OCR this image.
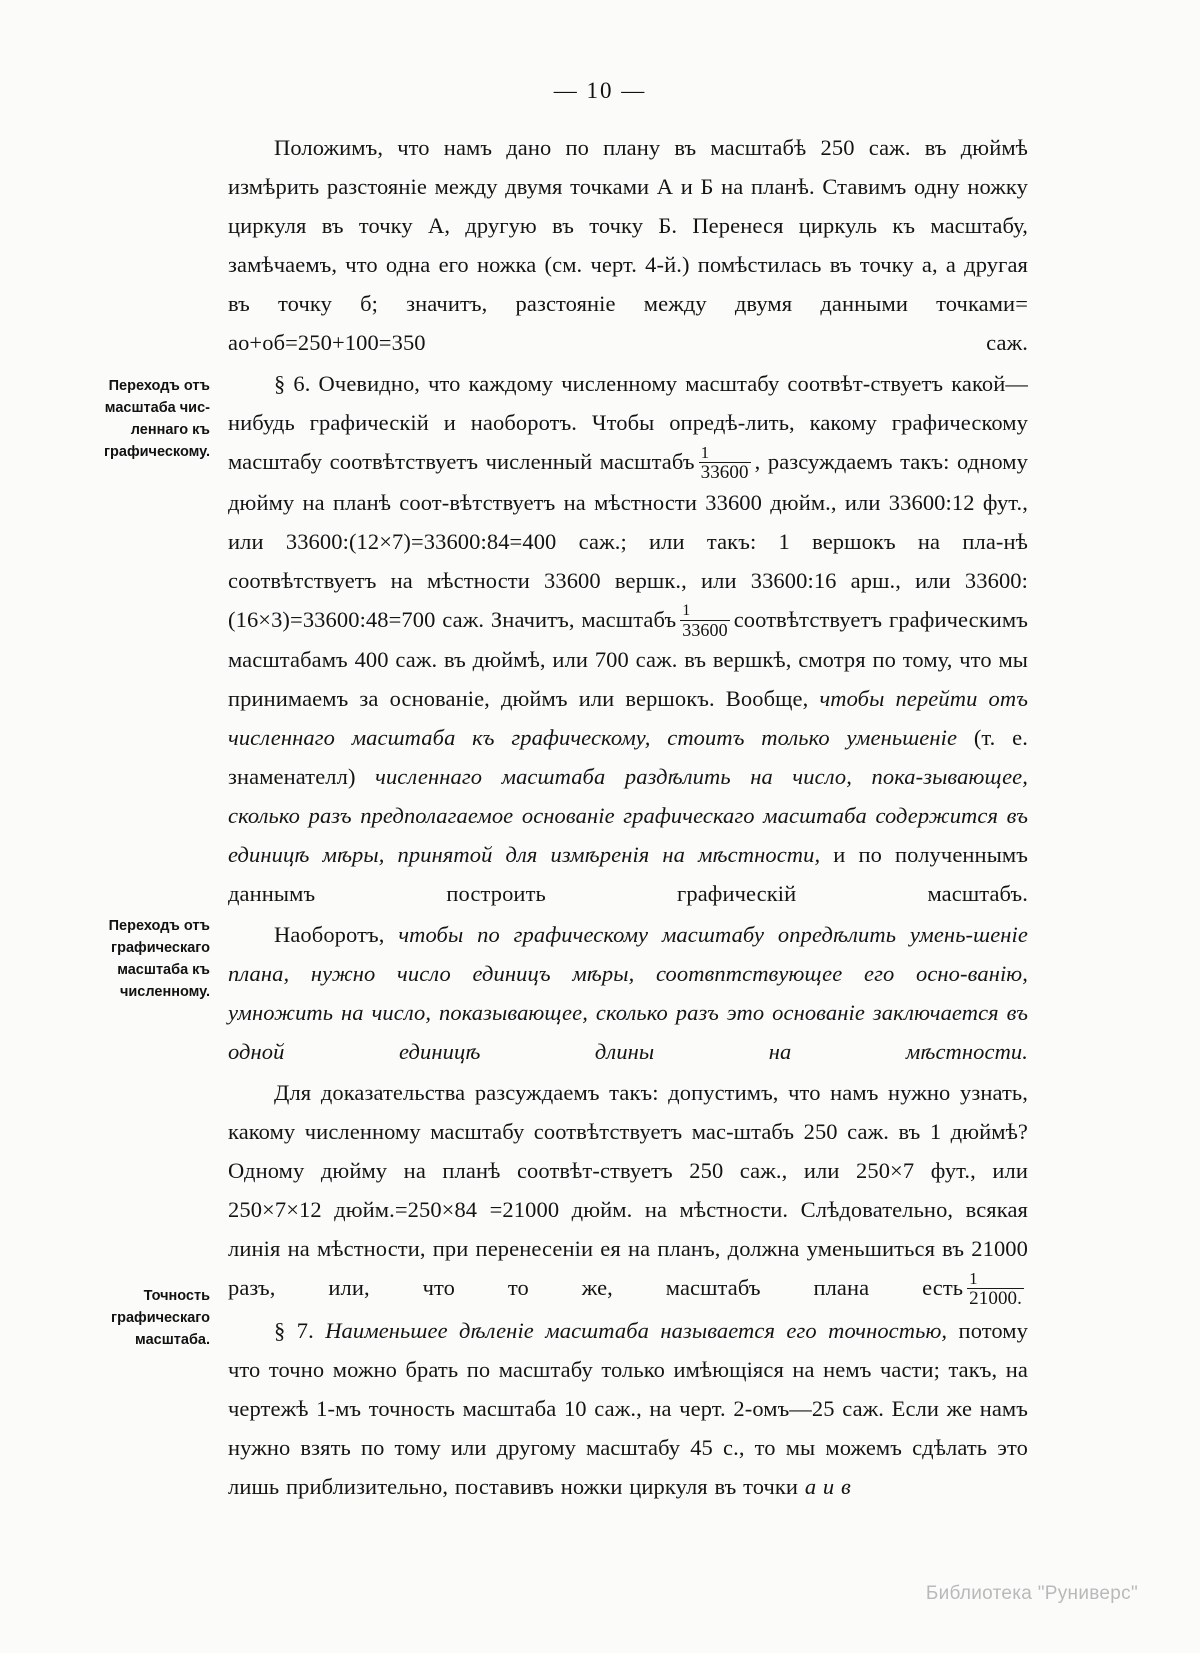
— 10 —
Переходъ отъ
масштаба чис-
леннаго къ
графическому.
Переходъ отъ
графическаго
масштаба къ
численному.
Точность
графическаго
масштаба.

Положимъ, что намъ дано по плану въ масштабѣ 250 саж. въ дюймѣ измѣрить разстояніе между двумя точками А и Б на планѣ. Ставимъ одну ножку циркуля въ точку А, другую въ точку Б. Перенеся циркуль къ масштабу, замѣчаемъ, что одна его ножка (см. черт. 4-й.) помѣстилась въ точку а, а другая въ точку б; значитъ, разстояніе между двумя данными точками= ао+об=250+100=350 саж.

§ 6. Очевидно, что каждому численному масштабу соотвѣт-ствуетъ какой—нибудь графическій и наоборотъ. Чтобы опредѣ-лить, какому графическому масштабу соотвѣтствуетъ численный масштабъ $\frac{1}{33600}$ , разсуждаемъ такъ: одному дюйму на планѣ соот-вѣтствуетъ на мѣстности 33600 дюйм., или 33600:12 фут., или 33600:(12×7)=33600:84=400 саж.; или такъ: 1 вершокъ на пла-нѣ соотвѣтствуетъ на мѣстности 33600 вершк., или 33600:16 арш., или 33600:(16×3)=33600:48=700 саж. Значитъ, масштабъ $\frac{1}{33600}$ соотвѣтствуетъ графическимъ масштабамъ 400 саж. въ дюймѣ, или 700 саж. въ вершкѣ, смотря по тому, что мы принимаемъ за основаніе, дюймъ или вершокъ. Вообще, чтобы перейти отъ численнаго масштаба къ графическому, стоитъ только уменьшеніе (т. е. знаменателл) численнаго масштаба раздѣлить на число, пока-зывающее, сколько разъ предполагаемое основаніе графическаго масштаба содержится въ единицѣ мѣры, принятой для измѣренія на мѣстности, и по полученнымъ даннымъ построить графическій масштабъ.

Наоборотъ, чтобы по графическому масштабу опредѣлить умень-шеніе плана, нужно число единицъ мѣры, соотвптствующее его осно-ванію, умножить на число, показывающее, сколько разъ это основаніе заключается въ одной единицѣ длины на мѣстности.

Для доказательства разсуждаемъ такъ: допустимъ, что намъ нужно узнать, какому численному масштабу соотвѣтствуетъ мас-штабъ 250 саж. въ 1 дюймѣ? Одному дюйму на планѣ соотвѣт-ствуетъ 250 саж., или 250×7 фут., или 250×7×12 дюйм.=250×84 =21000 дюйм. на мѣстности. Слѣдовательно, всякая линія на мѣстности, при перенесеніи ея на планъ, должна уменьшиться въ 21000 разъ, или, что то же, масштабъ плана есть $\frac{1}{21000.}$

§ 7. Наименьшее дѣленіе масштаба называется его точностью, потому что точно можно брать по масштабу только имѣющіяся на немъ части; такъ, на чертежѣ 1-мъ точность масштаба 10 саж., на черт. 2-омъ—25 саж. Если же намъ нужно взять по тому или другому масштабу 45 с., то мы можемъ сдѣлать это лишь приблизительно, поставивъ ножки циркуля въ точки а и в

Библиотека "Руниверс"
